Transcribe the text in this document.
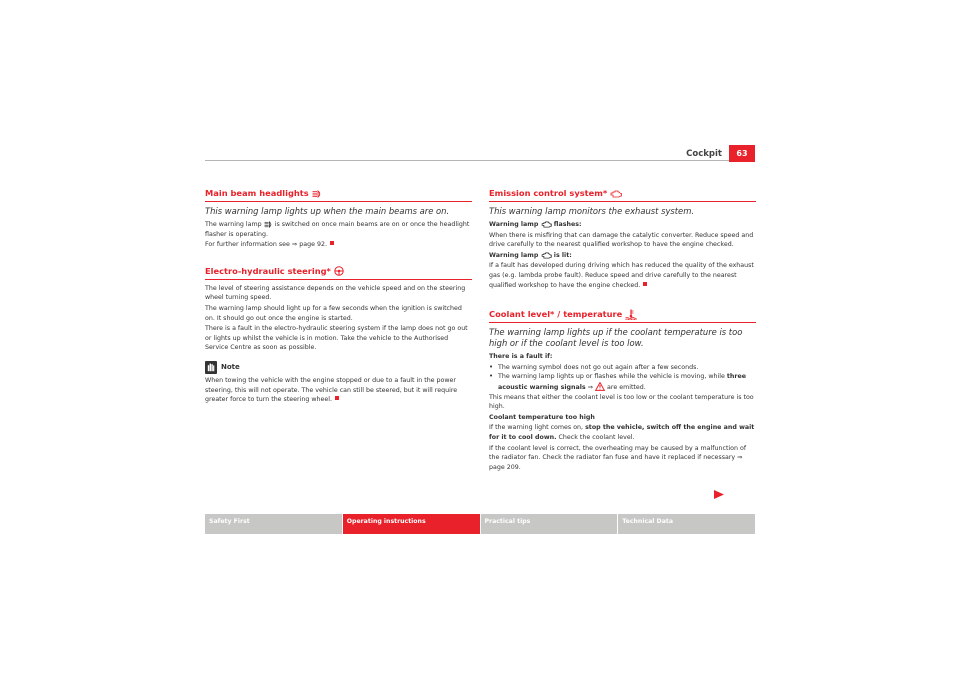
Cockpit	63
Main beam headlights
This warning lamp lights up when the main beams are on.

The warning lamp is switched on once main beams are on or once the headlight flasher is operating.

For further information see ⇒ page 92.

Electro-hydraulic steering*

The level of steering assistance depends on the vehicle speed and on the steering wheel turning speed.

The warning lamp should light up for a few seconds when the ignition is switched on. It should go out once the engine is started.

There is a fault in the electro-hydraulic steering system if the lamp does not go out or lights up whilst the vehicle is in motion. Take the vehicle to the Authorised Service Centre as soon as possible.

Note

When towing the vehicle with the engine stopped or due to a fault in the power steering, this will not operate. The vehicle can still be steered, but it will require greater force to turn the steering wheel.

Emission control system*
This warning lamp monitors the exhaust system.

Warning lamp flashes:

When there is misfiring that can damage the catalytic converter. Reduce speed and drive carefully to the nearest qualified workshop to have the engine checked.

Warning lamp is lit:

If a fault has developed during driving which has reduced the quality of the exhaust gas (e.g. lambda probe fault). Reduce speed and drive carefully to the nearest qualified workshop to have the engine checked.

Coolant level* / temperature
The warning lamp lights up if the coolant temperature is too high or if the coolant level is too low.

There is a fault if:

• The warning symbol does not go out again after a few seconds.
• The warning lamp lights up or flashes while the vehicle is moving, while three acoustic warning signals ⇒ are emitted.

This means that either the coolant level is too low or the coolant temperature is too high.

Coolant temperature too high

If the warning light comes on, stop the vehicle, switch off the engine and wait for it to cool down. Check the coolant level.

If the coolant level is correct, the overheating may be caused by a malfunction of the radiator fan. Check the radiator fan fuse and have it replaced if necessary ⇒ page 209.

Safety First	Operating instructions	Practical tips	Technical Data
